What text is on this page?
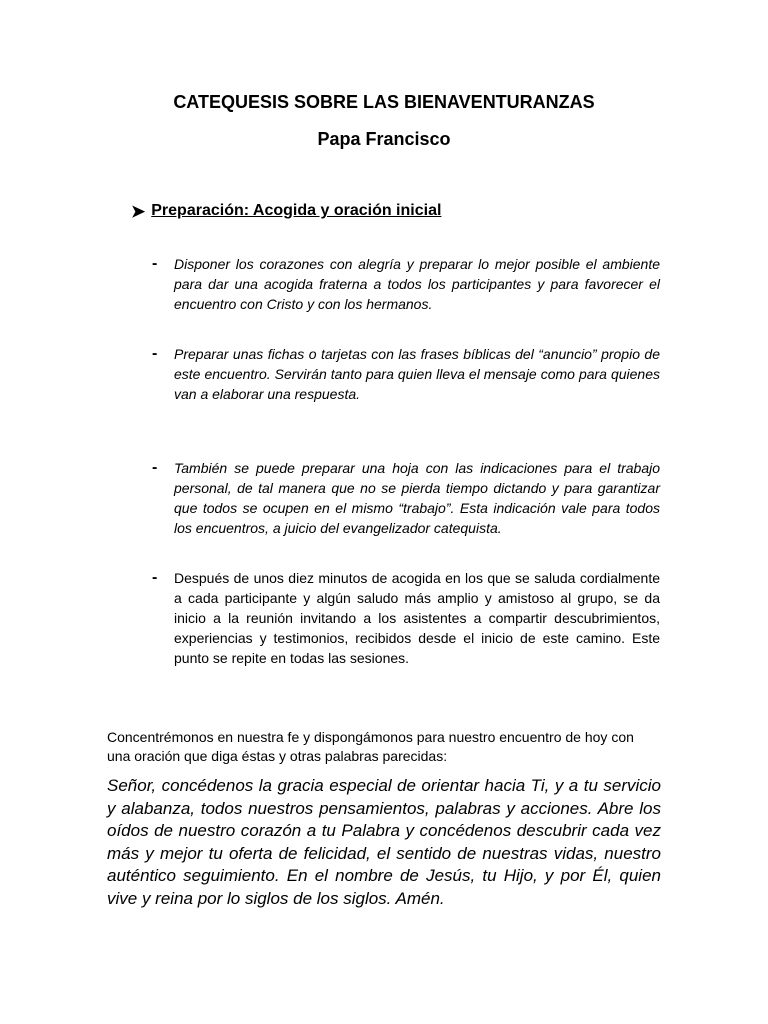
CATEQUESIS SOBRE LAS BIENAVENTURANZAS
Papa Francisco
➤ Preparación: Acogida y oración inicial
- Disponer los corazones con alegría y preparar lo mejor posible el ambiente para dar una acogida fraterna a todos los participantes y para favorecer el encuentro con Cristo y con los hermanos.
- Preparar unas fichas o tarjetas con las frases bíblicas del “anuncio” propio de este encuentro. Servirán tanto para quien lleva el mensaje como para quienes van a elaborar una respuesta.
- También se puede preparar una hoja con las indicaciones para el trabajo personal, de tal manera que no se pierda tiempo dictando y para garantizar que todos se ocupen en el mismo “trabajo”. Esta indicación vale para todos los encuentros, a juicio del evangelizador catequista.
- Después de unos diez minutos de acogida en los que se saluda cordialmente a cada participante y algún saludo más amplio y amistoso al grupo, se da inicio a la reunión invitando a los asistentes a compartir descubrimientos, experiencias y testimonios, recibidos desde el inicio de este camino. Este punto se repite en todas las sesiones.

Concentrémonos en nuestra fe y dispongámonos para nuestro encuentro de hoy con una oración que diga éstas y otras palabras parecidas:

Señor, concédenos la gracia especial de orientar hacia Ti, y a tu servicio y alabanza, todos nuestros pensamientos, palabras y acciones. Abre los oídos de nuestro corazón a tu Palabra y concédenos descubrir cada vez más y mejor tu oferta de felicidad, el sentido de nuestras vidas, nuestro auténtico seguimiento. En el nombre de Jesús, tu Hijo, y por Él, quien vive y reina por lo siglos de los siglos. Amén.
